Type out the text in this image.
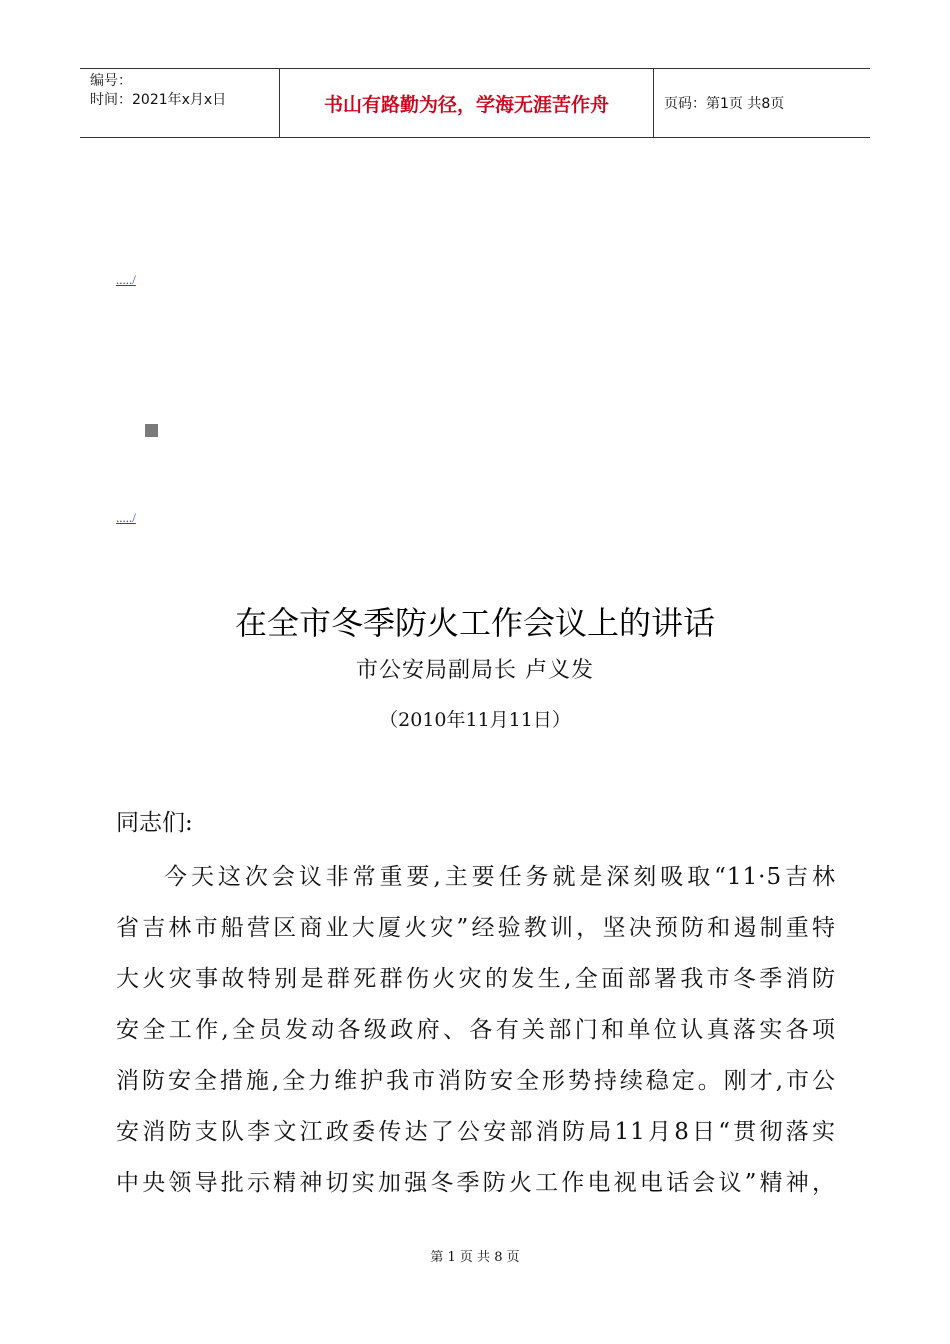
编号：
时间：2021年x月x日	书山有路勤为径，学海无涯苦作舟	页码：第1页 共8页
...../
...../
在全市冬季防火工作会议上的讲话
市公安局副局长 卢义发
（2010年11月11日）
同志们:
今天这次会议非常重要,主要任务就是深刻吸取“11·5吉林
省吉林市船营区商业大厦火灾”经验教训，坚决预防和遏制重特
大火灾事故特别是群死群伤火灾的发生,全面部署我市冬季消防
安全工作,全员发动各级政府、各有关部门和单位认真落实各项
消防安全措施,全力维护我市消防安全形势持续稳定。刚才,市公
安消防支队李文江政委传达了公安部消防局11月8日“贯彻落实
中央领导批示精神切实加强冬季防火工作电视电话会议”精神，
第 1 页 共 8 页
